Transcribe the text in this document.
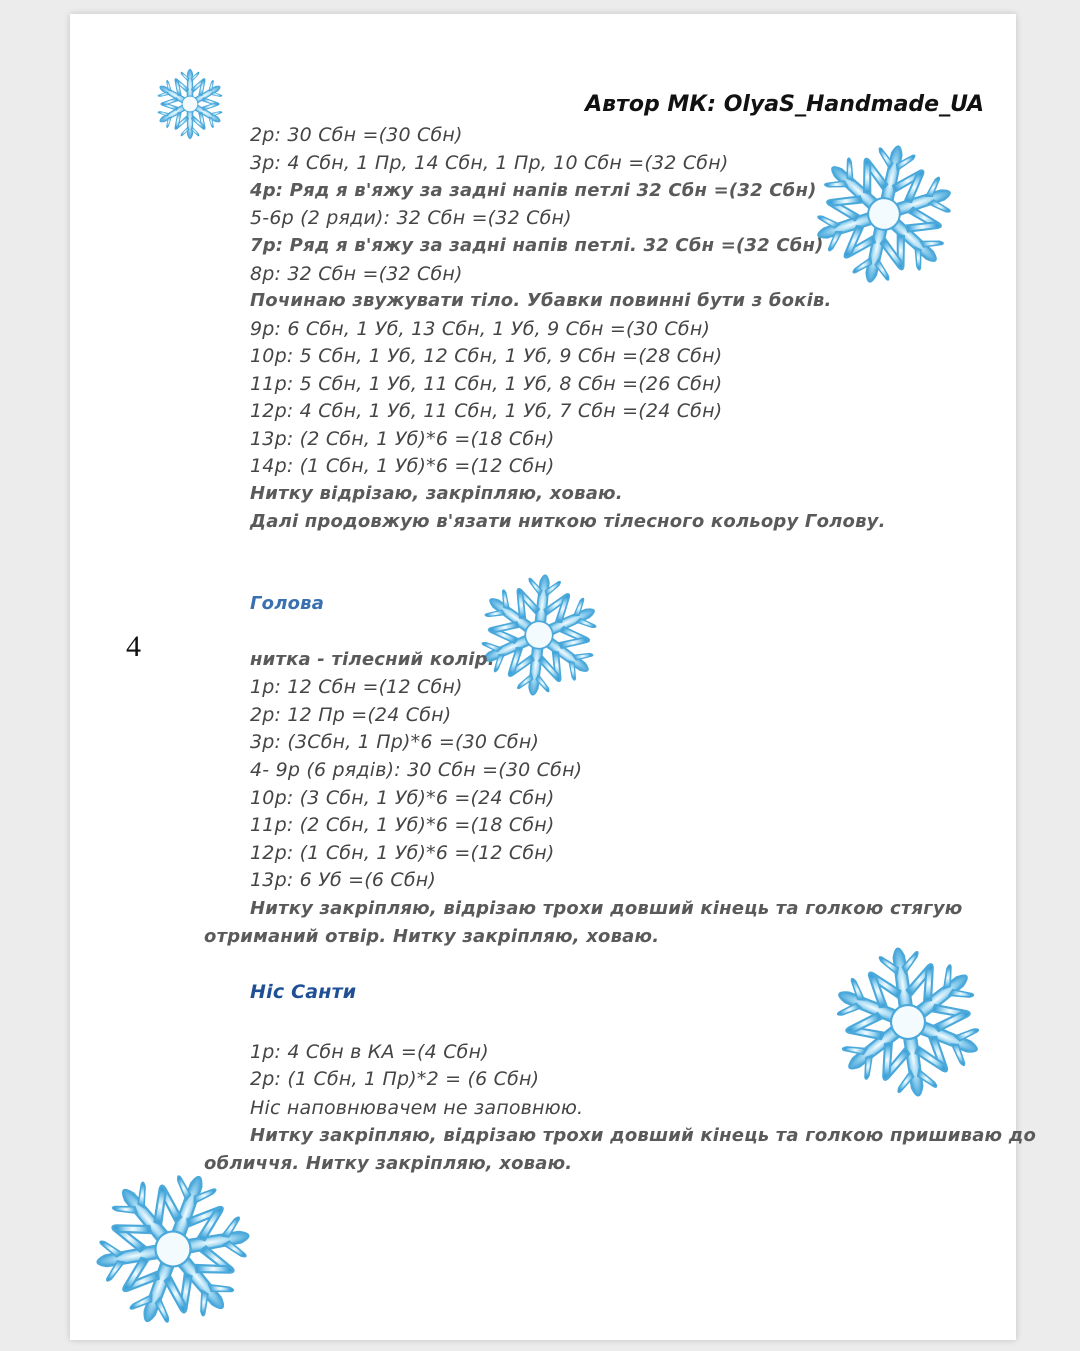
Автор МК: OlyaS_Handmade_UA
4
2р: 30 Сбн =(30 Сбн)
3р: 4 Сбн, 1 Пр, 14 Сбн, 1 Пр, 10 Сбн =(32 Сбн)
4р: Ряд я в'яжу за задні напів петлі 32 Сбн =(32 Сбн)
5-6р (2 ряди): 32 Сбн =(32 Сбн)
7р: Ряд я в'яжу за задні напів петлі. 32 Сбн =(32 Сбн)
8р: 32 Сбн =(32 Сбн)
Починаю звужувати тіло. Убавки повинні бути з боків.
9р: 6 Сбн, 1 Уб, 13 Сбн, 1 Уб, 9 Сбн =(30 Сбн)
10р: 5 Сбн, 1 Уб, 12 Сбн, 1 Уб, 9 Сбн =(28 Сбн)
11р: 5 Сбн, 1 Уб, 11 Сбн, 1 Уб, 8 Сбн =(26 Сбн)
12р: 4 Сбн, 1 Уб, 11 Сбн, 1 Уб, 7 Сбн =(24 Сбн)
13р: (2 Сбн, 1 Уб)*6 =(18 Сбн)
14р: (1 Сбн, 1 Уб)*6 =(12 Сбн)
Нитку відрізаю, закріпляю, ховаю.
Далі продовжую в'язати ниткою тілесного кольору Голову.
Голова
нитка - тілесний колір.
1р: 12 Сбн =(12 Сбн)
2р: 12 Пр =(24 Сбн)
3р: (3Сбн, 1 Пр)*6 =(30 Сбн)
4- 9р (6 рядів): 30 Сбн =(30 Сбн)
10р: (3 Сбн, 1 Уб)*6 =(24 Сбн)
11р: (2 Сбн, 1 Уб)*6 =(18 Сбн)
12р: (1 Сбн, 1 Уб)*6 =(12 Сбн)
13р: 6 Уб =(6 Сбн)
Нитку закріпляю, відрізаю трохи довший кінець та голкою стягую
отриманий отвір. Нитку закріпляю, ховаю.
Ніс Санти
1р: 4 Сбн в КА =(4 Сбн)
2р: (1 Сбн, 1 Пр)*2 = (6 Сбн)
Ніс наповнювачем не заповнюю.
Нитку закріпляю, відрізаю трохи довший кінець та голкою пришиваю до
обличчя. Нитку закріпляю, ховаю.
